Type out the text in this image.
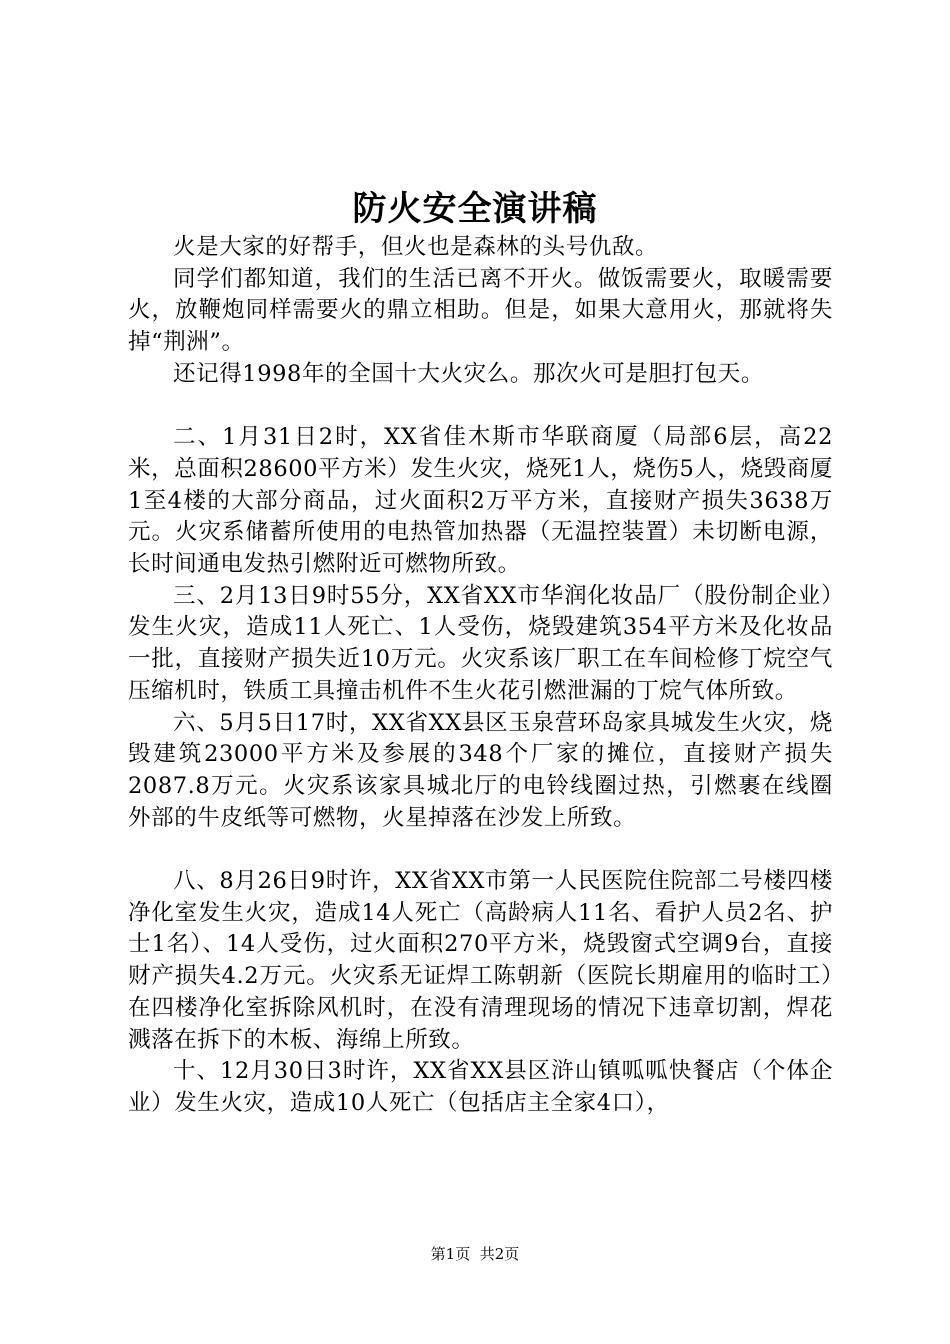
防火安全演讲稿

火是大家的好帮手，但火也是森林的头号仇敌。

同学们都知道，我们的生活已离不开火。做饭需要火，取暖需要火，放鞭炮同样需要火的鼎立相助。但是，如果大意用火，那就将失掉“荆洲”。

还记得1998年的全国十大火灾么。那次火可是胆打包天。

二、1月31日2时，XX省佳木斯市华联商厦（局部6层，高22米，总面积28600平方米）发生火灾，烧死1人，烧伤5人，烧毁商厦1至4楼的大部分商品，过火面积2万平方米，直接财产损失3638万元。火灾系储蓄所使用的电热管加热器（无温控装置）未切断电源，长时间通电发热引燃附近可燃物所致。

三、2月13日9时55分，XX省XX市华润化妆品厂（股份制企业）发生火灾，造成11人死亡、1人受伤，烧毁建筑354平方米及化妆品一批，直接财产损失近10万元。火灾系该厂职工在车间检修丁烷空气压缩机时，铁质工具撞击机件不生火花引燃泄漏的丁烷气体所致。

六、5月5日17时，XX省XX县区玉泉营环岛家具城发生火灾，烧毁建筑23000平方米及参展的348个厂家的摊位，直接财产损失2087.8万元。火灾系该家具城北厅的电铃线圈过热，引燃裹在线圈外部的牛皮纸等可燃物，火星掉落在沙发上所致。

八、8月26日9时许，XX省XX市第一人民医院住院部二号楼四楼净化室发生火灾，造成14人死亡（高龄病人11名、看护人员2名、护士1名）、14人受伤，过火面积270平方米，烧毁窗式空调9台，直接财产损失4.2万元。火灾系无证焊工陈朝新（医院长期雇用的临时工）在四楼净化室拆除风机时，在没有清理现场的情况下违章切割，焊花溅落在拆下的木板、海绵上所致。

十、12月30日3时许，XX省XX县区浒山镇呱呱快餐店（个体企业）发生火灾，造成10人死亡（包括店主全家4口），

第1页 共2页
